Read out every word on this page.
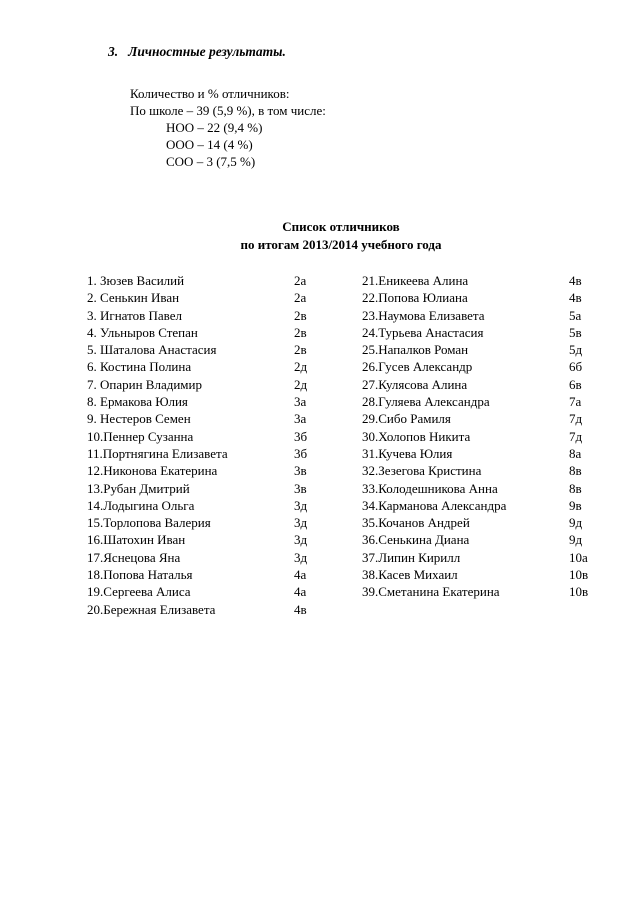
3. Личностные результаты.
Количество и % отличников:
По школе – 39 (5,9 %), в том числе:
НОО – 22 (9,4 %)
ООО – 14 (4 %)
СОО – 3 (7,5 %)
Список отличников
по итогам 2013/2014 учебного года
1. Зюзев Василий	2а
2. Сенькин Иван	2а
3. Игнатов Павел	2в
4. Ульныров Степан	2в
5. Шаталова Анастасия	2в
6. Костина Полина	2д
7. Опарин Владимир	2д
8. Ермакова Юлия	3а
9. Нестеров Семен	3а
10.Пеннер Сузанна	3б
11.Портнягина Елизавета	3б
12.Никонова Екатерина	3в
13.Рубан Дмитрий	3в
14.Лодыгина Ольга	3д
15.Торлопова Валерия	3д
16.Шатохин Иван	3д
17.Яснецова Яна	3д
18.Попова Наталья	4а
19.Сергеева Алиса	4а
20.Бережная Елизавета	4в
21.Еникеева Алина	4в
22.Попова Юлиана	4в
23.Наумова Елизавета	5а
24.Турьева Анастасия	5в
25.Напалков Роман	5д
26.Гусев Александр	6б
27.Кулясова Алина	6в
28.Гуляева Александра	7а
29.Сибо Рамиля	7д
30.Холопов Никита	7д
31.Кучева Юлия	8а
32.Зезегова Кристина	8в
33.Колодешникова Анна	8в
34.Карманова Александра	9в
35.Кочанов Андрей	9д
36.Сенькина Диана	9д
37.Липин Кирилл	10а
38.Касев Михаил	10в
39.Сметанина Екатерина	10в
